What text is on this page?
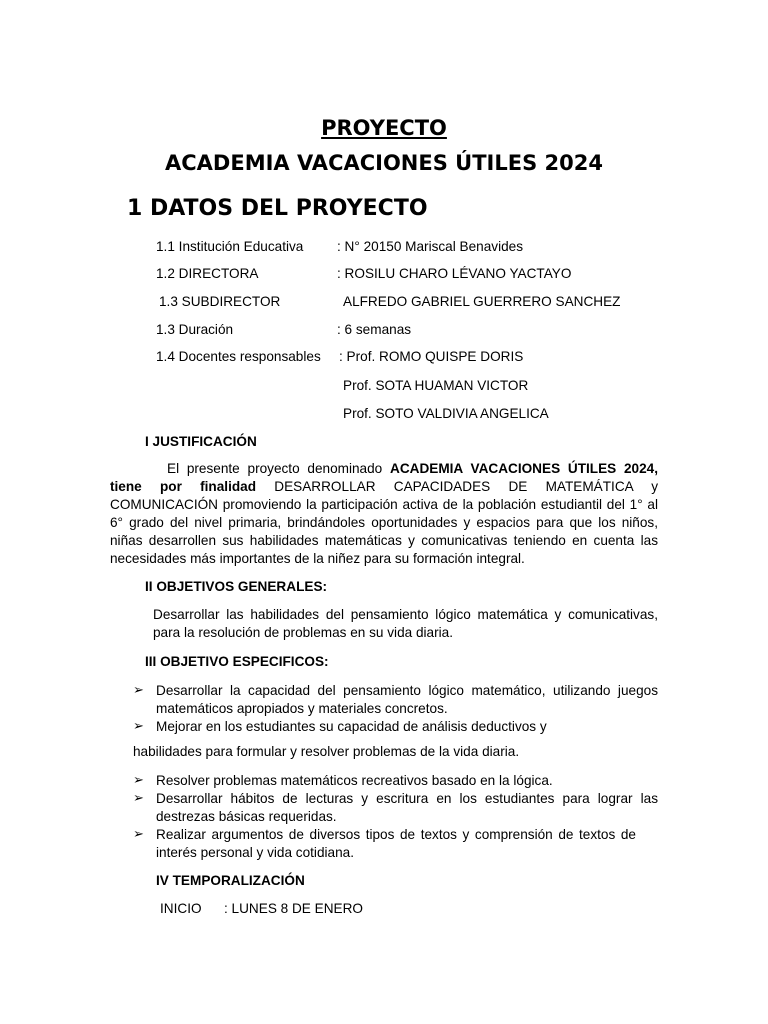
PROYECTO
ACADEMIA VACACIONES ÚTILES 2024
1 DATOS DEL PROYECTO
1.1 Institución Educativa : N° 20150 Mariscal Benavides
1.2 DIRECTORA	: ROSILU CHARO LÉVANO YACTAYO
1.3 SUBDIRECTOR	ALFREDO GABRIEL GUERRERO SANCHEZ
1.3 Duración	: 6 semanas
1.4 Docentes responsables : Prof. ROMO QUISPE DORIS
Prof. SOTA HUAMAN VICTOR
Prof. SOTO VALDIVIA ANGELICA
I JUSTIFICACIÓN
El presente proyecto denominado ACADEMIA VACACIONES ÚTILES 2024, tiene por finalidad DESARROLLAR CAPACIDADES DE MATEMÁTICA y COMUNICACIÓN promoviendo la participación activa de la población estudiantil del 1° al 6° grado del nivel primaria, brindándoles oportunidades y espacios para que los niños, niñas desarrollen sus habilidades matemáticas y comunicativas teniendo en cuenta las necesidades más importantes de la niñez para su formación integral.
II OBJETIVOS GENERALES:
Desarrollar las habilidades del pensamiento lógico matemática y comunicativas, para la resolución de problemas en su vida diaria.
III OBJETIVO ESPECIFICOS:
➢ Desarrollar la capacidad del pensamiento lógico matemático, utilizando juegos matemáticos apropiados y materiales concretos.
➢ Mejorar en los estudiantes su capacidad de análisis deductivos y
habilidades para formular y resolver problemas de la vida diaria.
➢ Resolver problemas matemáticos recreativos basado en la lógica.
➢ Desarrollar hábitos de lecturas y escritura en los estudiantes para lograr las destrezas básicas requeridas.
➢ Realizar argumentos de diversos tipos de textos y comprensión de textos de interés personal y vida cotidiana.
IV TEMPORALIZACIÓN
INICIO : LUNES 8 DE ENERO
